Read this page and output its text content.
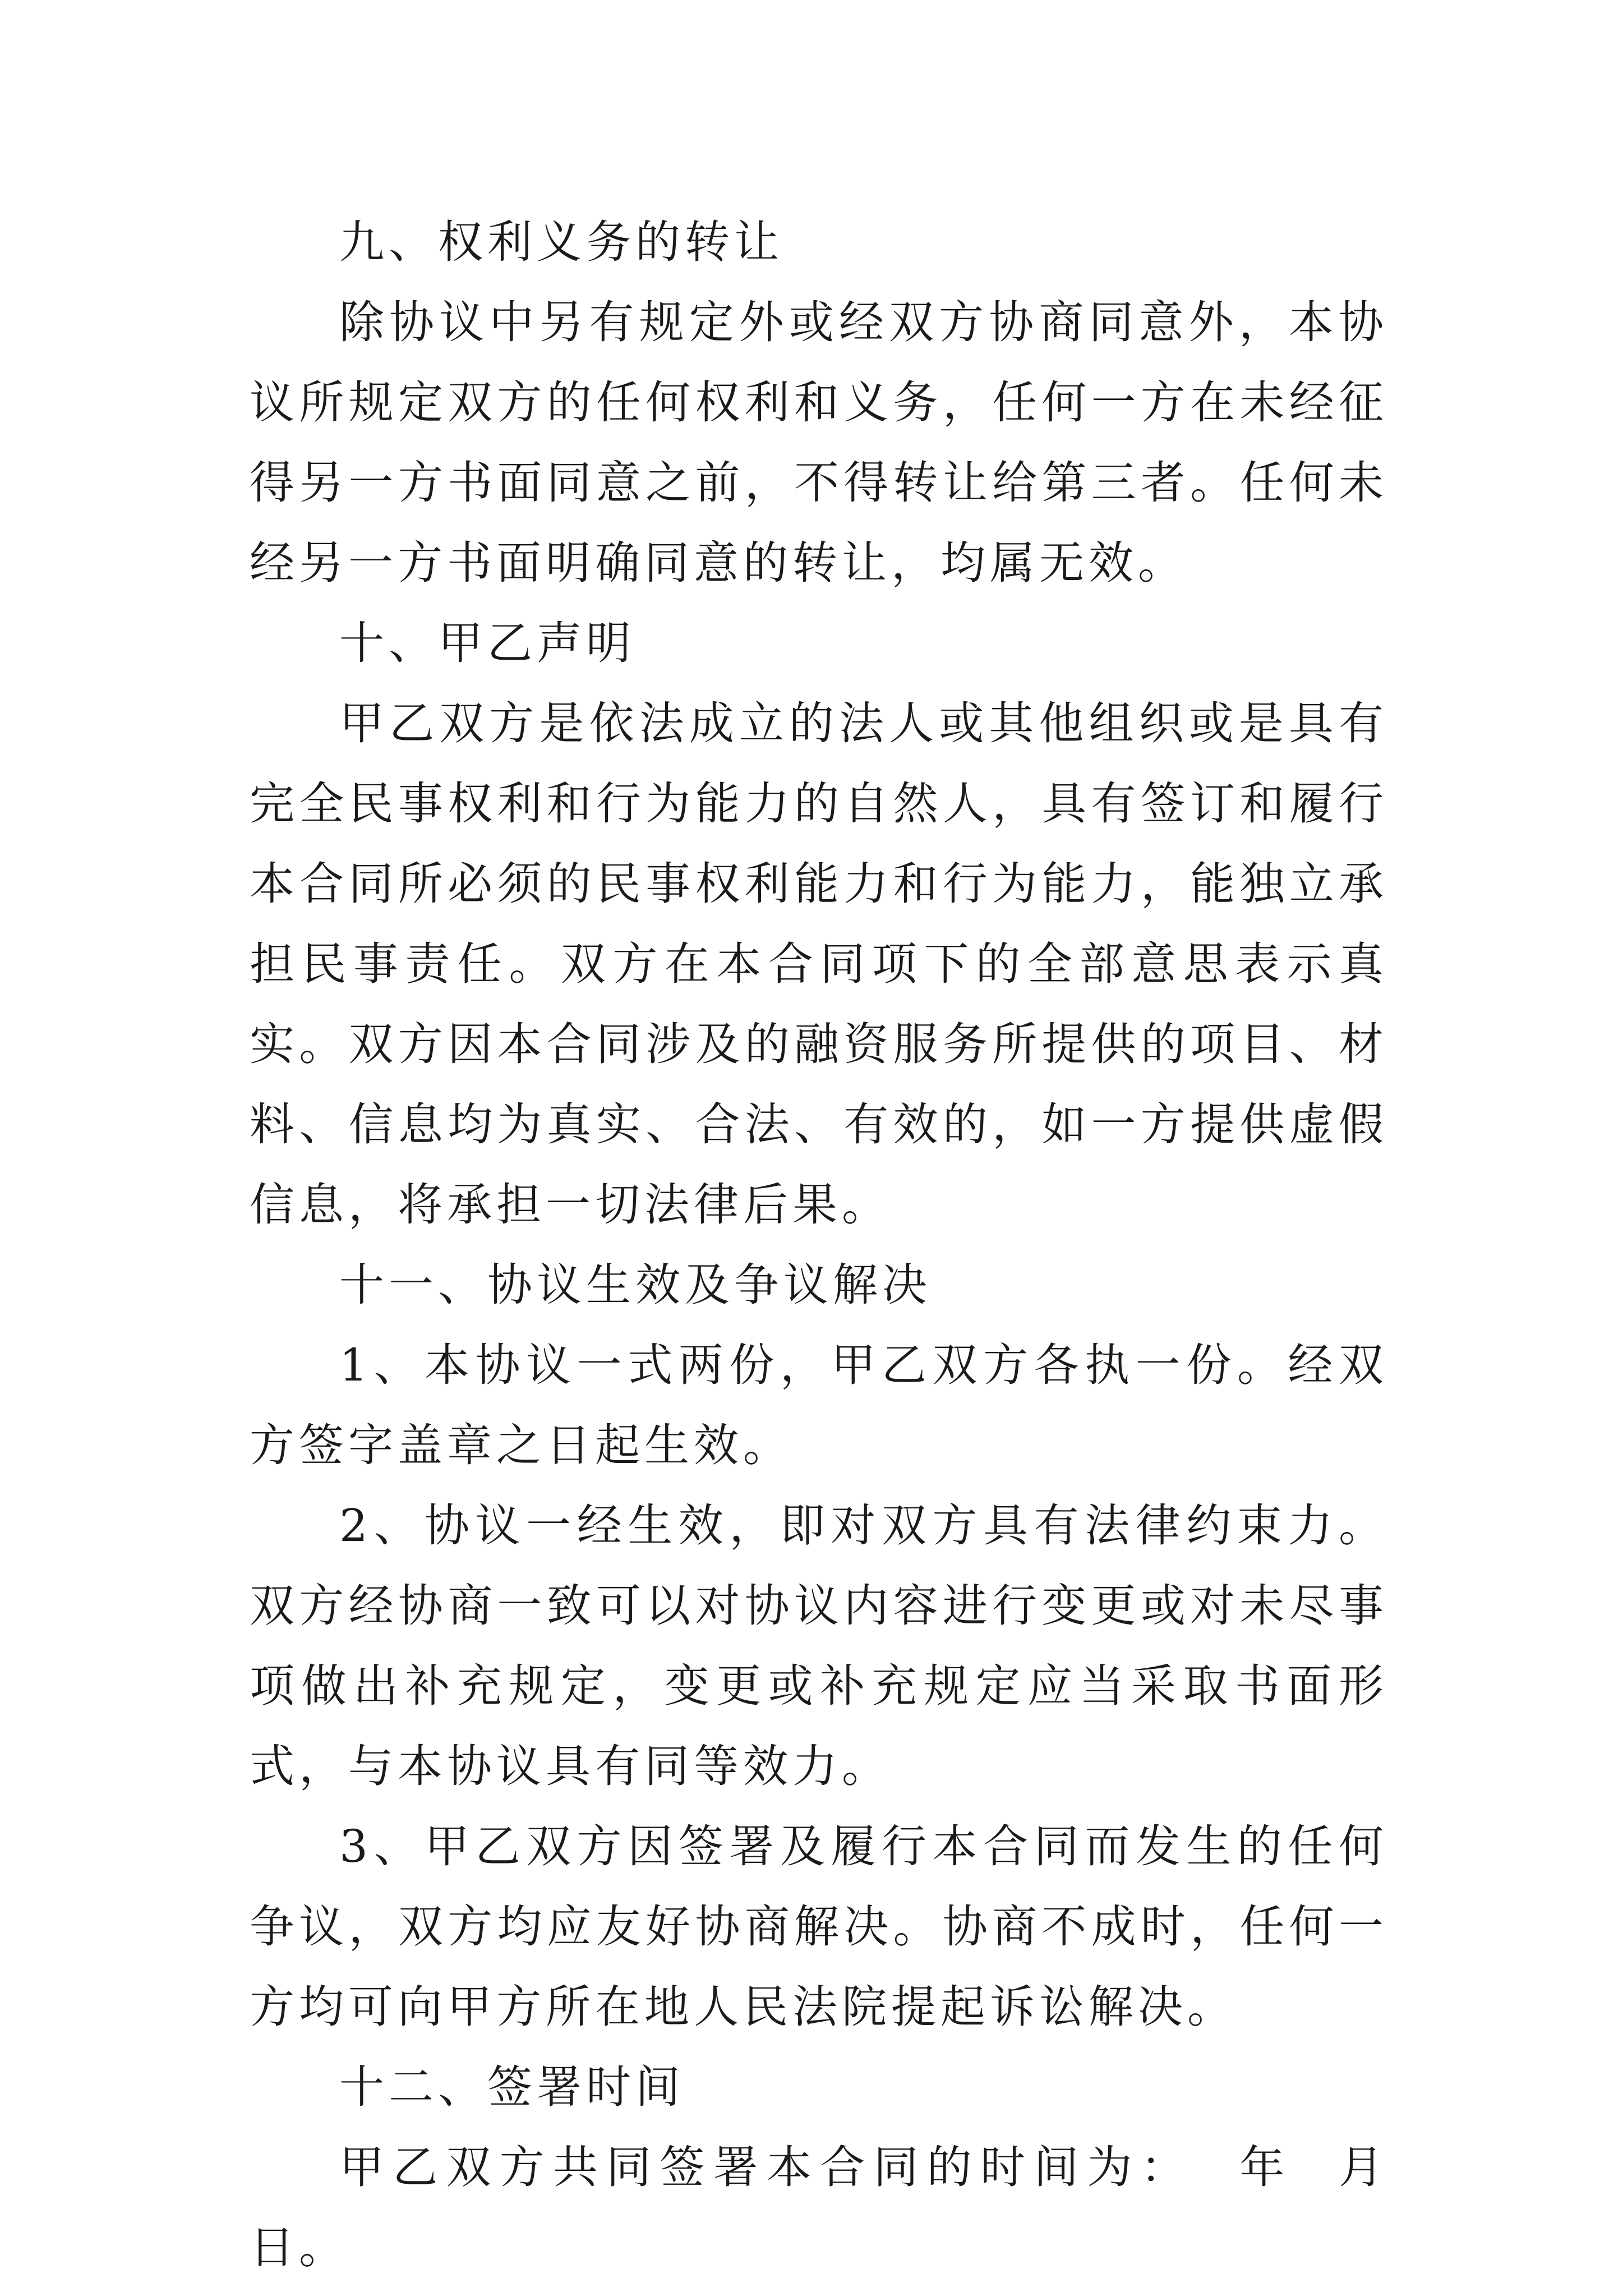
九、权利义务的转让

除协议中另有规定外或经双方协商同意外，本协议所规定双方的任何权利和义务，任何一方在未经征得另一方书面同意之前，不得转让给第三者。任何未经另一方书面明确同意的转让，均属无效。

十、甲乙声明

甲乙双方是依法成立的法人或其他组织或是具有完全民事权利和行为能力的自然人，具有签订和履行本合同所必须的民事权利能力和行为能力，能独立承担民事责任。双方在本合同项下的全部意思表示真实。双方因本合同涉及的融资服务所提供的项目、材料、信息均为真实、合法、有效的，如一方提供虚假信息，将承担一切法律后果。

十一、协议生效及争议解决

1、本协议一式两份，甲乙双方各执一份。经双方签字盖章之日起生效。

2、协议一经生效，即对双方具有法律约束力。双方经协商一致可以对协议内容进行变更或对未尽事项做出补充规定，变更或补充规定应当采取书面形式，与本协议具有同等效力。

3、甲乙双方因签署及履行本合同而发生的任何争议，双方均应友好协商解决。协商不成时，任何一方均可向甲方所在地人民法院提起诉讼解决。

十二、签署时间

甲乙双方共同签署本合同的时间为：  年  月  日。
